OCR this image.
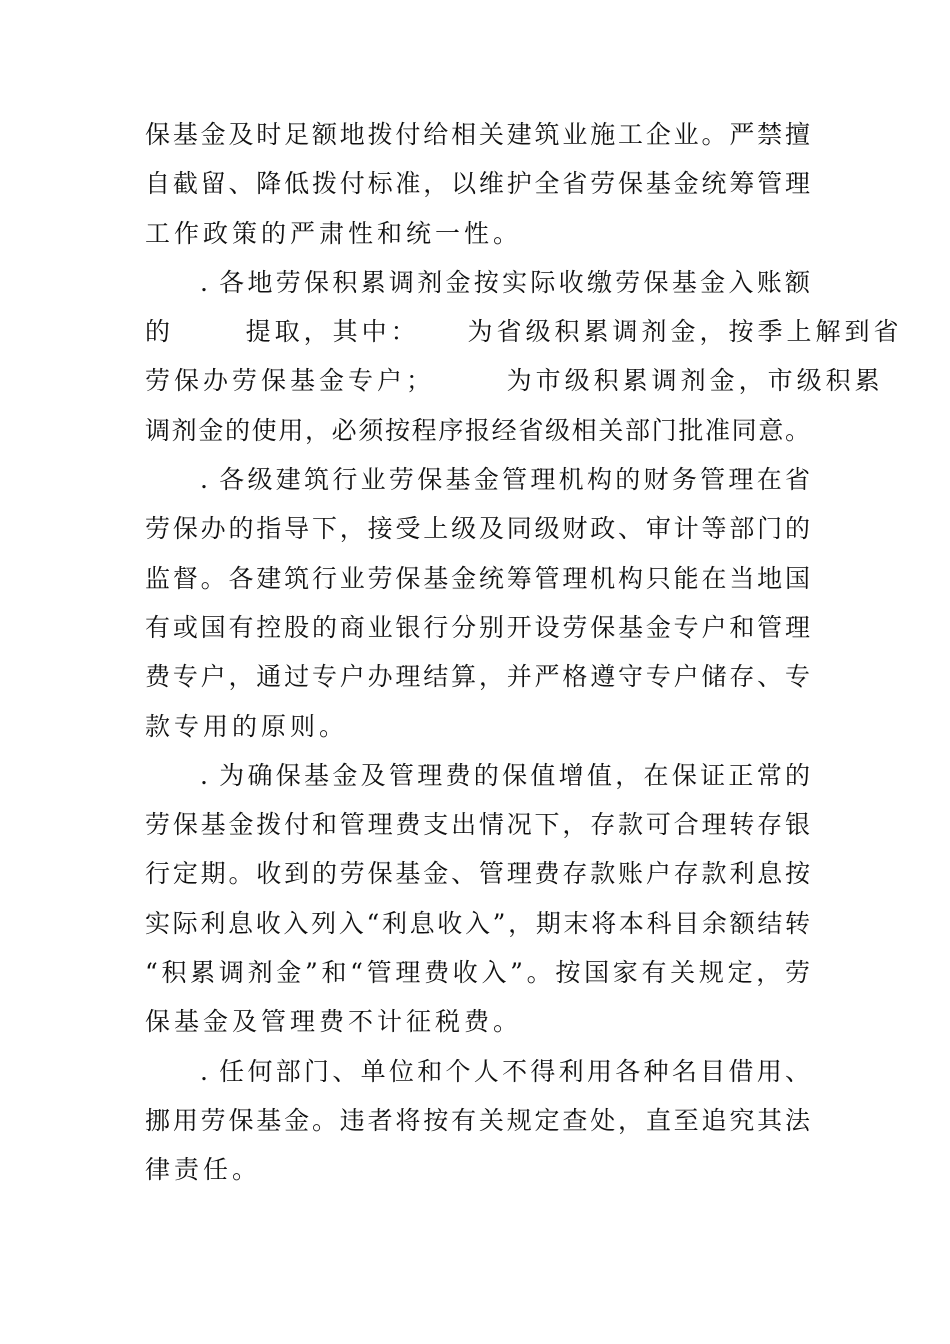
保基金及时足额地拨付给相关建筑业施工企业。严禁擅
自截留、降低拨付标准，以维护全省劳保基金统筹管理
工作政策的严肃性和统一性。
. 各地劳保积累调剂金按实际收缴劳保基金入账额
的      提取，其中：    为省级积累调剂金，按季上解到省
劳保办劳保基金专户；      为市级积累调剂金，市级积累
调剂金的使用，必须按程序报经省级相关部门批准同意。
. 各级建筑行业劳保基金管理机构的财务管理在省
劳保办的指导下，接受上级及同级财政、审计等部门的
监督。各建筑行业劳保基金统筹管理机构只能在当地国
有或国有控股的商业银行分别开设劳保基金专户和管理
费专户，通过专户办理结算，并严格遵守专户储存、专
款专用的原则。
. 为确保基金及管理费的保值增值，在保证正常的
劳保基金拨付和管理费支出情况下，存款可合理转存银
行定期。收到的劳保基金、管理费存款账户存款利息按
实际利息收入列入“利息收入”，期末将本科目余额结转
“积累调剂金”和“管理费收入”。按国家有关规定，劳
保基金及管理费不计征税费。
. 任何部门、单位和个人不得利用各种名目借用、
挪用劳保基金。违者将按有关规定查处，直至追究其法
律责任。
